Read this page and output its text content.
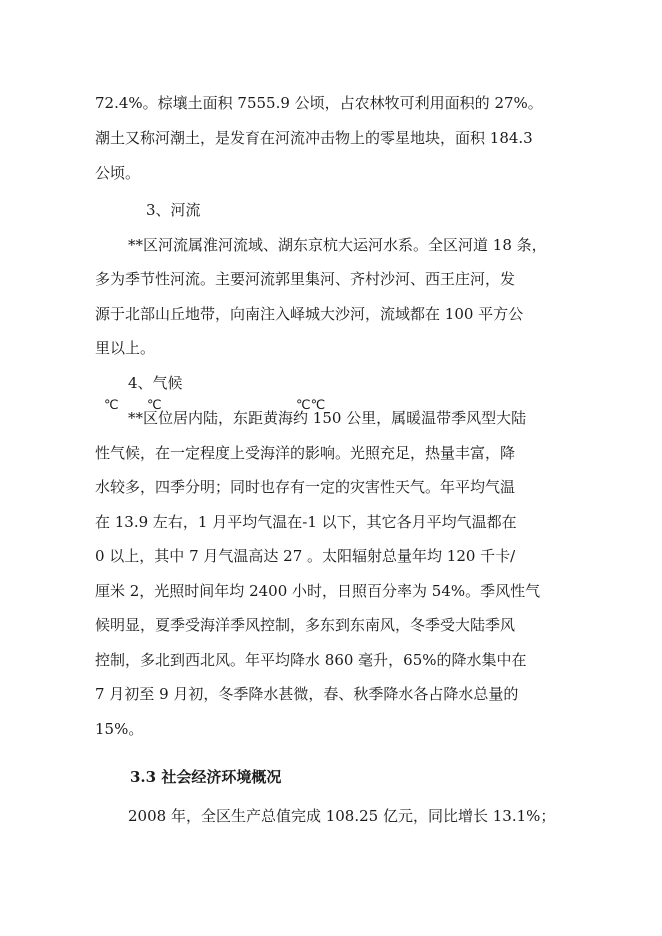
72.4%。棕壤土面积 7555.9 公顷，占农林牧可利用面积的 27%。
潮土又称河潮土，是发育在河流冲击物上的零星地块，面积 184.3
公顷。
3、河流
**区河流属淮河流域、湖东京杭大运河水系。全区河道 18 条，
多为季节性河流。主要河流郭里集河、齐村沙河、西王庄河，发
源于北部山丘地带，向南注入峄城大沙河，流域都在 100 平方公
里以上。
4、气候
℃ ℃	℃℃
**区位居内陆，东距黄海约 150 公里，属暖温带季风型大陆
性气候，在一定程度上受海洋的影响。光照充足，热量丰富，降
水较多，四季分明；同时也存有一定的灾害性天气。年平均气温
在 13.9 左右，1 月平均气温在-1 以下，其它各月平均气温都在
0 以上，其中 7 月气温高达 27 。太阳辐射总量年均 120 千卡/
厘米 2，光照时间年均 2400 小时，日照百分率为 54%。季风性气
候明显，夏季受海洋季风控制，多东到东南风，冬季受大陆季风
控制，多北到西北风。年平均降水 860 毫升，65%的降水集中在
7 月初至 9 月初，冬季降水甚微，春、秋季降水各占降水总量的
15%。
3.3 社会经济环境概况
2008 年，全区生产总值完成 108.25 亿元，同比增长 13.1%；
